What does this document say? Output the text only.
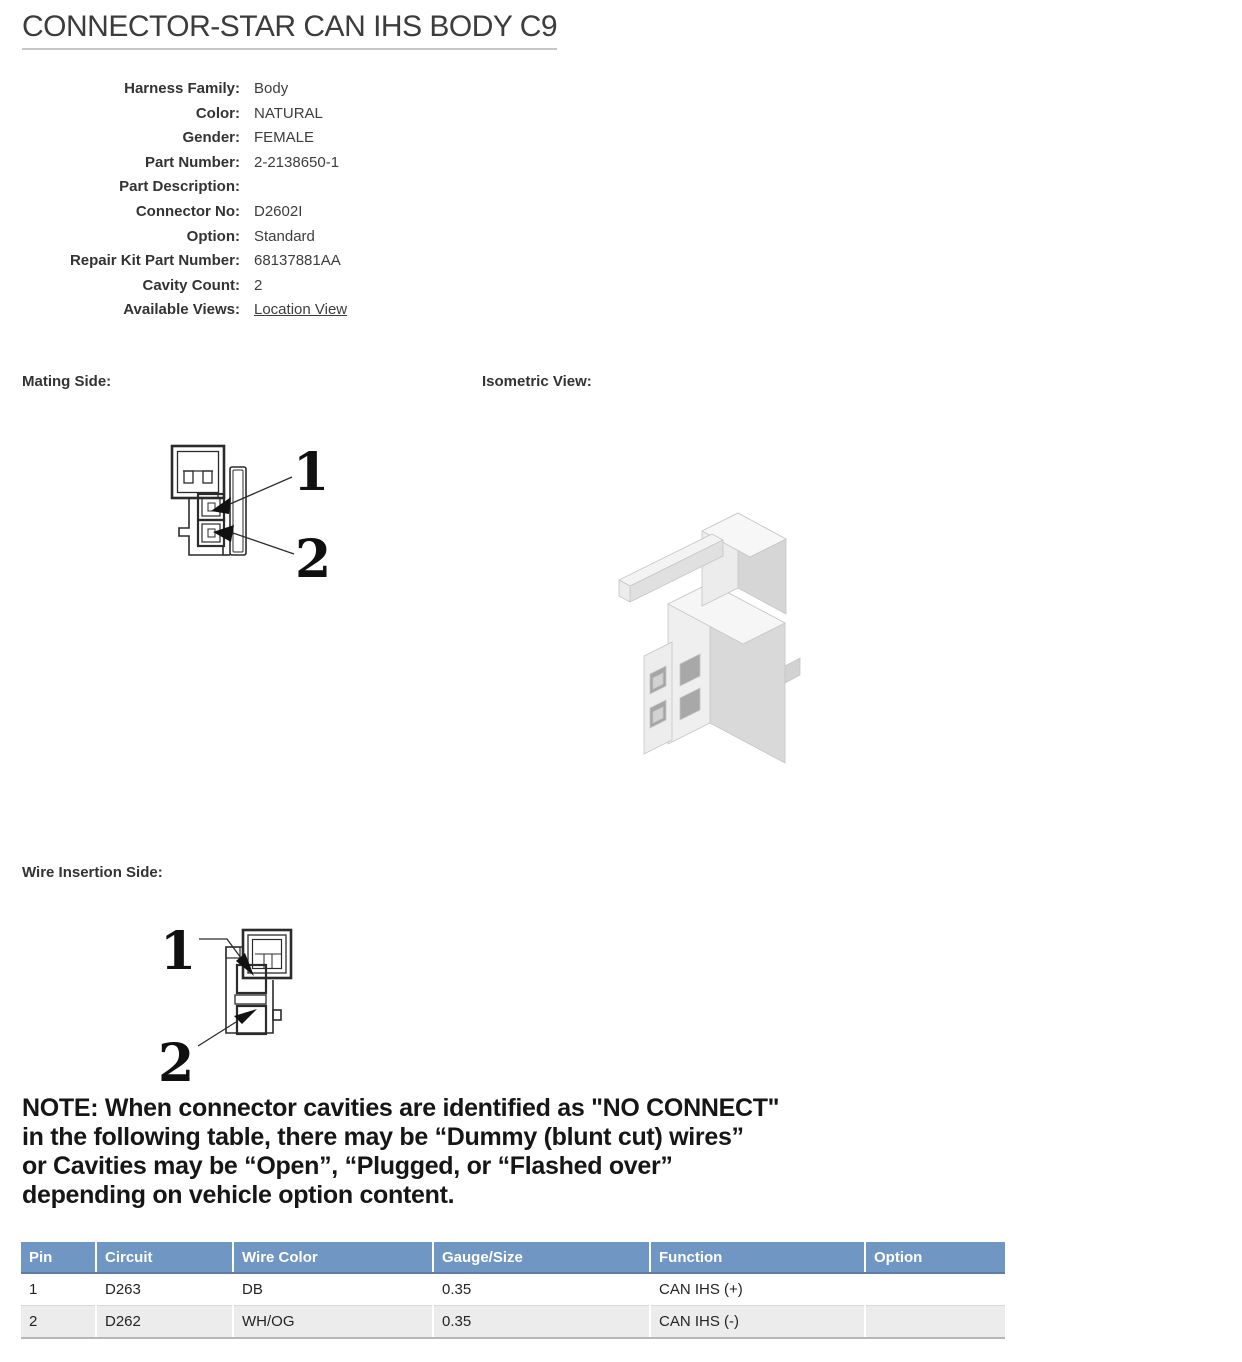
CONNECTOR-STAR CAN IHS BODY C9
Harness Family: Body
Color: NATURAL
Gender: FEMALE
Part Number: 2-2138650-1
Part Description:
Connector No: D2602I
Option: Standard
Repair Kit Part Number: 68137881AA
Cavity Count: 2
Available Views: Location View
Mating Side:	Isometric View:
Wire Insertion Side:
1
2
1
2
NOTE: When connector cavities are identified as "NO CONNECT"
in the following table, there may be “Dummy (blunt cut) wires”
or Cavities may be “Open”, “Plugged, or “Flashed over”
depending on vehicle option content.
Pin	Circuit	Wire Color	Gauge/Size	Function	Option
1	D263	DB	0.35	CAN IHS (+)	
2	D262	WH/OG	0.35	CAN IHS (-)	
